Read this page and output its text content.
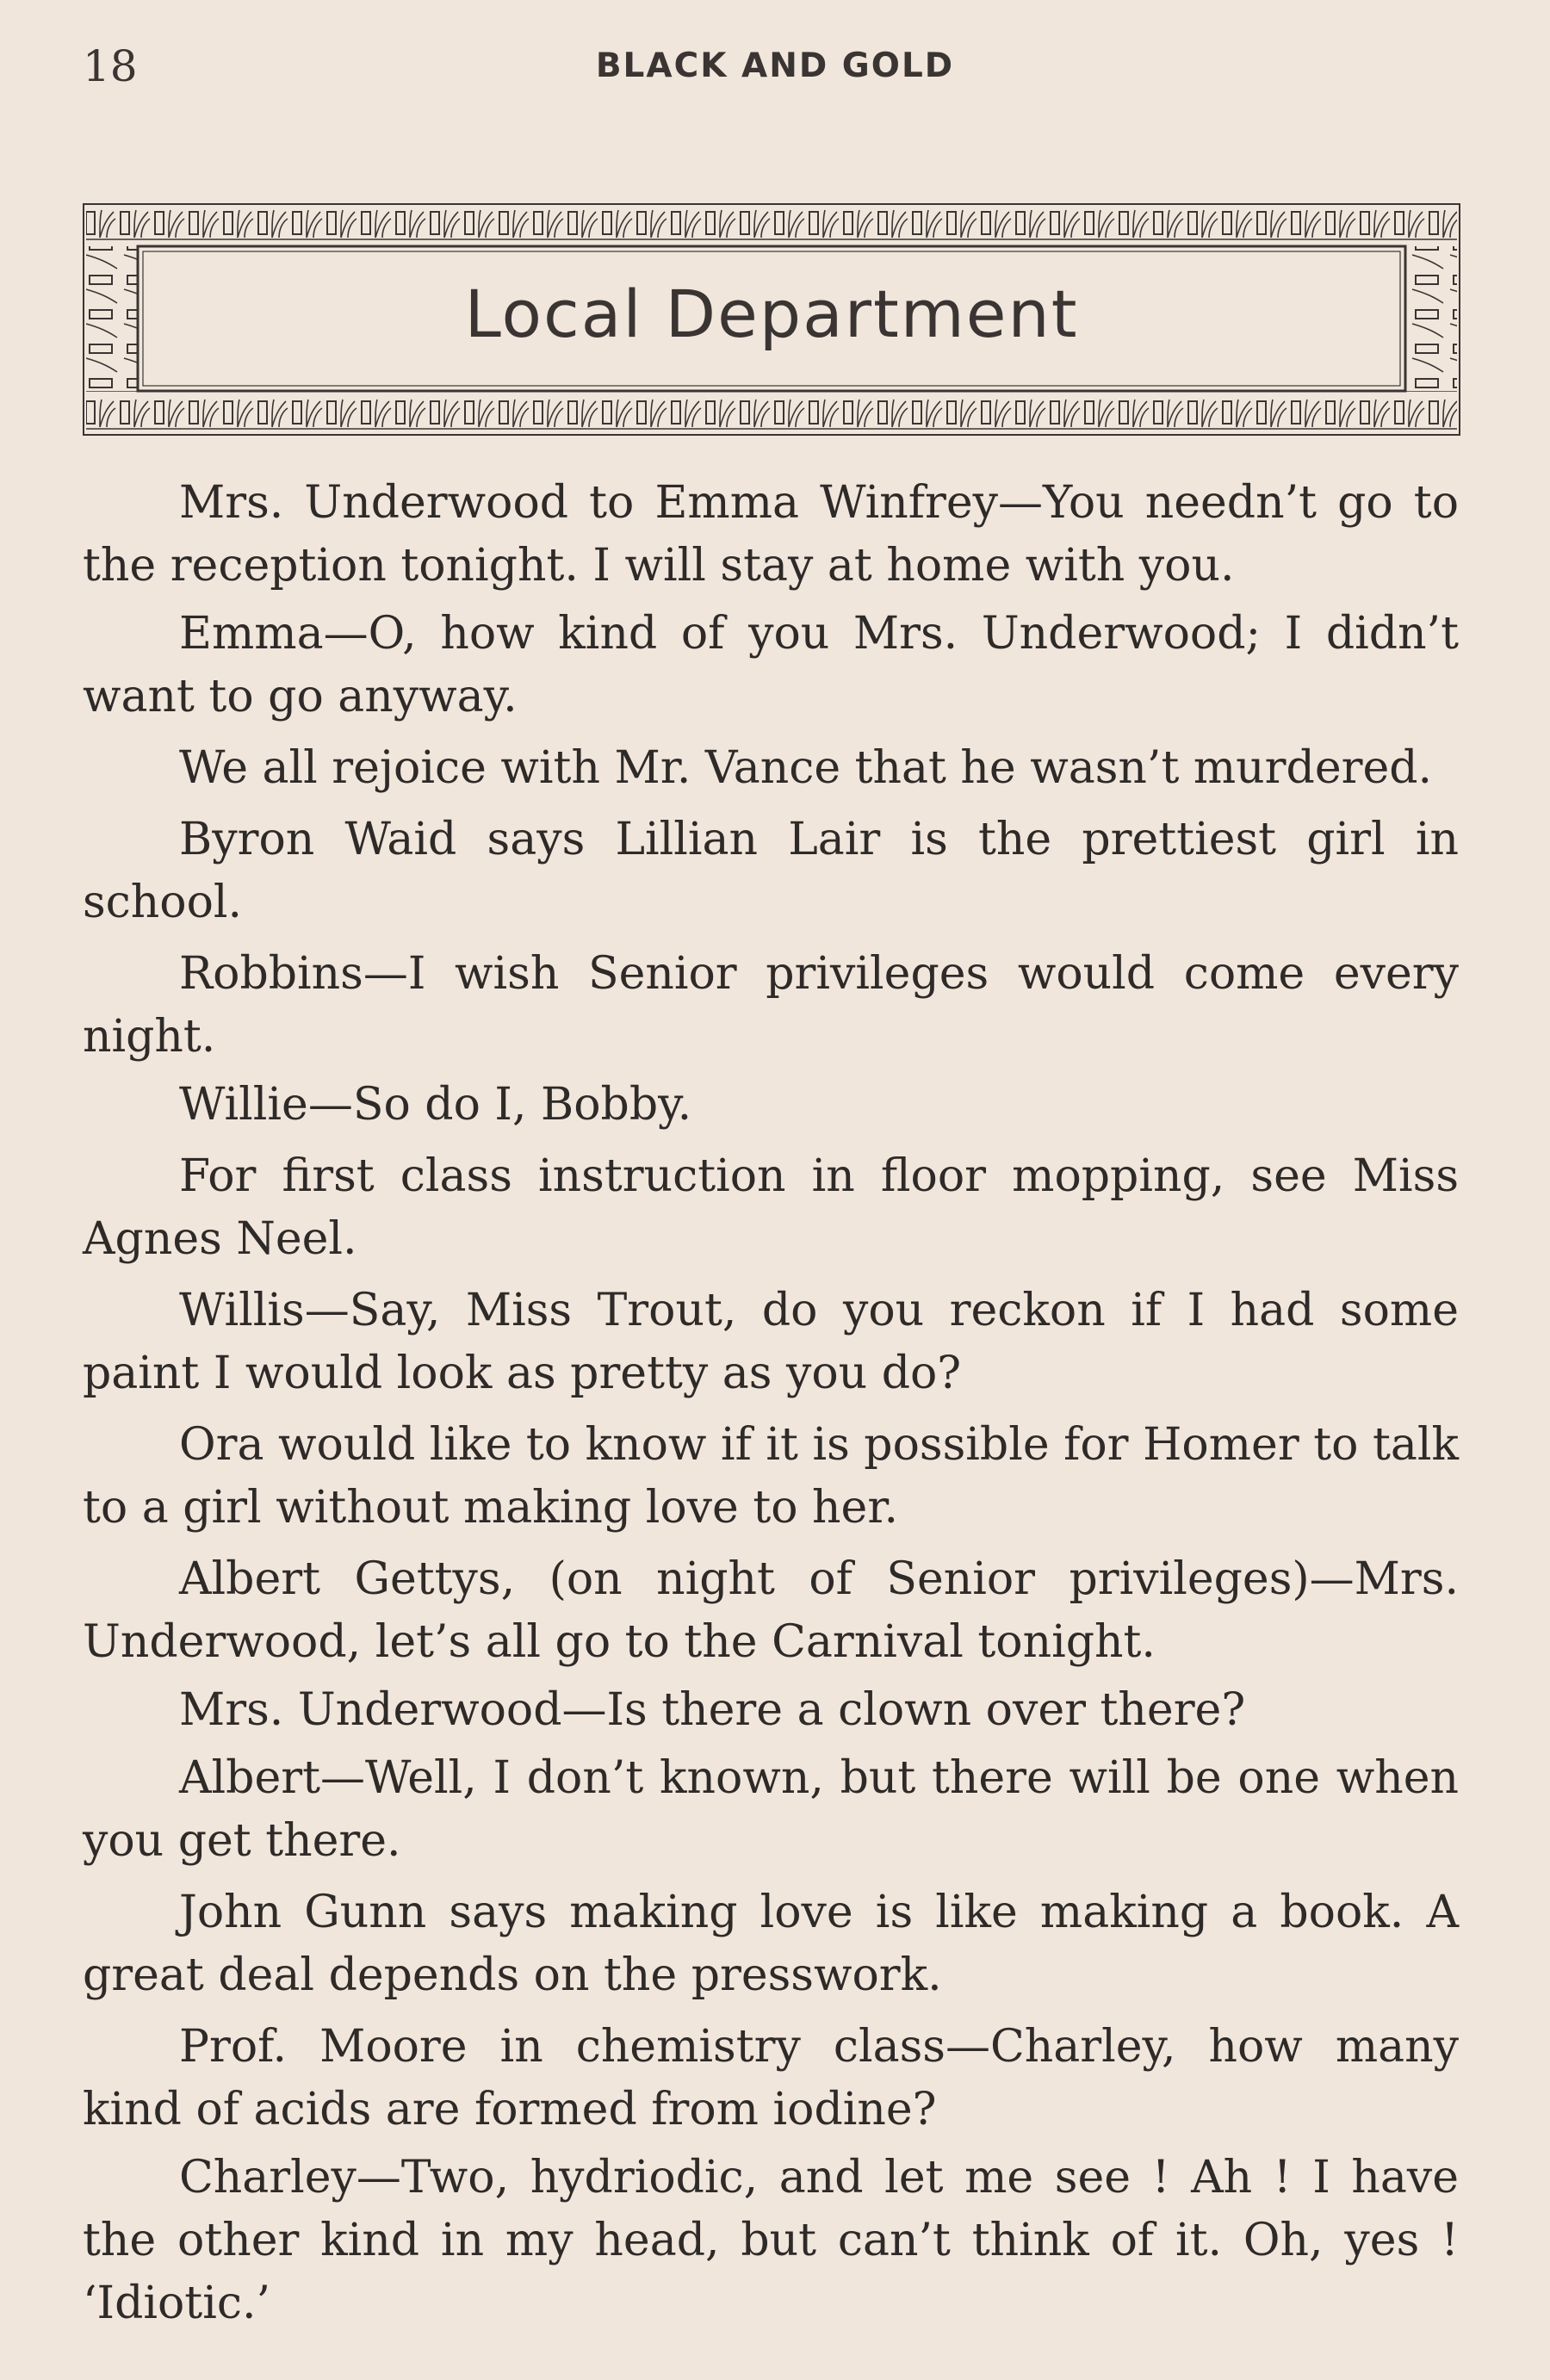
18	BLACK AND GOLD
Local Department

Mrs. Underwood to Emma Winfrey—You needn’t go to the reception tonight. I will stay at home with you.

Emma—O, how kind of you Mrs. Underwood; I didn’t want to go anyway.

We all rejoice with Mr. Vance that he wasn’t murdered.

Byron Waid says Lillian Lair is the prettiest girl in school.

Robbins—I wish Senior privileges would come every night.

Willie—So do I, Bobby.

For first class instruction in floor mopping, see Miss Agnes Neel.

Willis—Say, Miss Trout, do you reckon if I had some paint I would look as pretty as you do?

Ora would like to know if it is possible for Homer to talk to a girl without making love to her.

Albert Gettys, (on night of Senior privileges)—Mrs. Underwood, let’s all go to the Carnival tonight.

Mrs. Underwood—Is there a clown over there?

Albert—Well, I don’t known, but there will be one when you get there.

John Gunn says making love is like making a book. A great deal depends on the presswork.

Prof. Moore in chemistry class—Charley, how many kind of acids are formed from iodine?

Charley—Two, hydriodic, and let me see ! Ah ! I have the other kind in my head, but can’t think of it. Oh, yes ! ‘Idiotic.’
